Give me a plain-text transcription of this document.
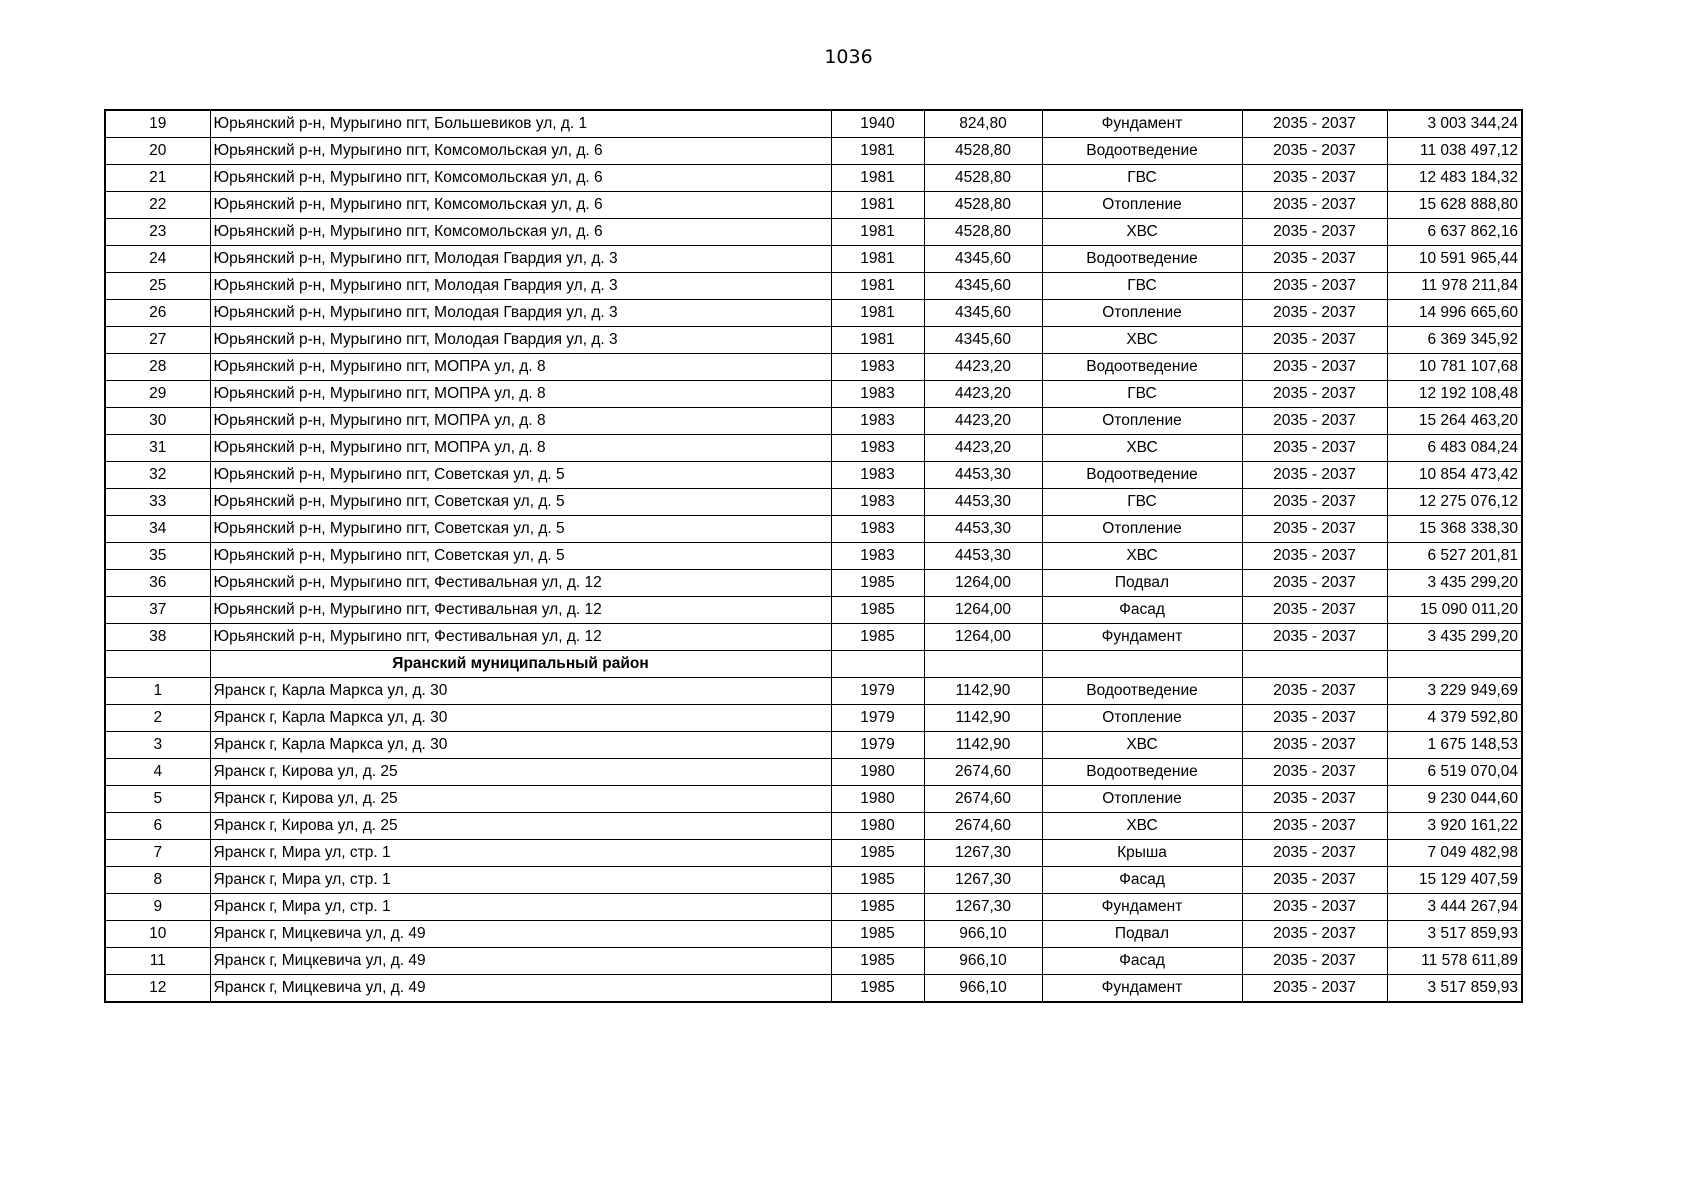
1036
19	Юрьянский р-н, Мурыгино пгт, Большевиков ул, д. 1	1940	824,80	Фундамент	2035 - 2037	3 003 344,24
20	Юрьянский р-н, Мурыгино пгт, Комсомольская ул, д. 6	1981	4528,80	Водоотведение	2035 - 2037	11 038 497,12
21	Юрьянский р-н, Мурыгино пгт, Комсомольская ул, д. 6	1981	4528,80	ГВС	2035 - 2037	12 483 184,32
22	Юрьянский р-н, Мурыгино пгт, Комсомольская ул, д. 6	1981	4528,80	Отопление	2035 - 2037	15 628 888,80
23	Юрьянский р-н, Мурыгино пгт, Комсомольская ул, д. 6	1981	4528,80	ХВС	2035 - 2037	6 637 862,16
24	Юрьянский р-н, Мурыгино пгт, Молодая Гвардия ул, д. 3	1981	4345,60	Водоотведение	2035 - 2037	10 591 965,44
25	Юрьянский р-н, Мурыгино пгт, Молодая Гвардия ул, д. 3	1981	4345,60	ГВС	2035 - 2037	11 978 211,84
26	Юрьянский р-н, Мурыгино пгт, Молодая Гвардия ул, д. 3	1981	4345,60	Отопление	2035 - 2037	14 996 665,60
27	Юрьянский р-н, Мурыгино пгт, Молодая Гвардия ул, д. 3	1981	4345,60	ХВС	2035 - 2037	6 369 345,92
28	Юрьянский р-н, Мурыгино пгт, МОПРА ул, д. 8	1983	4423,20	Водоотведение	2035 - 2037	10 781 107,68
29	Юрьянский р-н, Мурыгино пгт, МОПРА ул, д. 8	1983	4423,20	ГВС	2035 - 2037	12 192 108,48
30	Юрьянский р-н, Мурыгино пгт, МОПРА ул, д. 8	1983	4423,20	Отопление	2035 - 2037	15 264 463,20
31	Юрьянский р-н, Мурыгино пгт, МОПРА ул, д. 8	1983	4423,20	ХВС	2035 - 2037	6 483 084,24
32	Юрьянский р-н, Мурыгино пгт, Советская ул, д. 5	1983	4453,30	Водоотведение	2035 - 2037	10 854 473,42
33	Юрьянский р-н, Мурыгино пгт, Советская ул, д. 5	1983	4453,30	ГВС	2035 - 2037	12 275 076,12
34	Юрьянский р-н, Мурыгино пгт, Советская ул, д. 5	1983	4453,30	Отопление	2035 - 2037	15 368 338,30
35	Юрьянский р-н, Мурыгино пгт, Советская ул, д. 5	1983	4453,30	ХВС	2035 - 2037	6 527 201,81
36	Юрьянский р-н, Мурыгино пгт, Фестивальная ул, д. 12	1985	1264,00	Подвал	2035 - 2037	3 435 299,20
37	Юрьянский р-н, Мурыгино пгт, Фестивальная ул, д. 12	1985	1264,00	Фасад	2035 - 2037	15 090 011,20
38	Юрьянский р-н, Мурыгино пгт, Фестивальная ул, д. 12	1985	1264,00	Фундамент	2035 - 2037	3 435 299,20
	Яранский муниципальный район					
1	Яранск г, Карла Маркса ул, д. 30	1979	1142,90	Водоотведение	2035 - 2037	3 229 949,69
2	Яранск г, Карла Маркса ул, д. 30	1979	1142,90	Отопление	2035 - 2037	4 379 592,80
3	Яранск г, Карла Маркса ул, д. 30	1979	1142,90	ХВС	2035 - 2037	1 675 148,53
4	Яранск г, Кирова ул, д. 25	1980	2674,60	Водоотведение	2035 - 2037	6 519 070,04
5	Яранск г, Кирова ул, д. 25	1980	2674,60	Отопление	2035 - 2037	9 230 044,60
6	Яранск г, Кирова ул, д. 25	1980	2674,60	ХВС	2035 - 2037	3 920 161,22
7	Яранск г, Мира ул, стр. 1	1985	1267,30	Крыша	2035 - 2037	7 049 482,98
8	Яранск г, Мира ул, стр. 1	1985	1267,30	Фасад	2035 - 2037	15 129 407,59
9	Яранск г, Мира ул, стр. 1	1985	1267,30	Фундамент	2035 - 2037	3 444 267,94
10	Яранск г, Мицкевича ул, д. 49	1985	966,10	Подвал	2035 - 2037	3 517 859,93
11	Яранск г, Мицкевича ул, д. 49	1985	966,10	Фасад	2035 - 2037	11 578 611,89
12	Яранск г, Мицкевича ул, д. 49	1985	966,10	Фундамент	2035 - 2037	3 517 859,93
